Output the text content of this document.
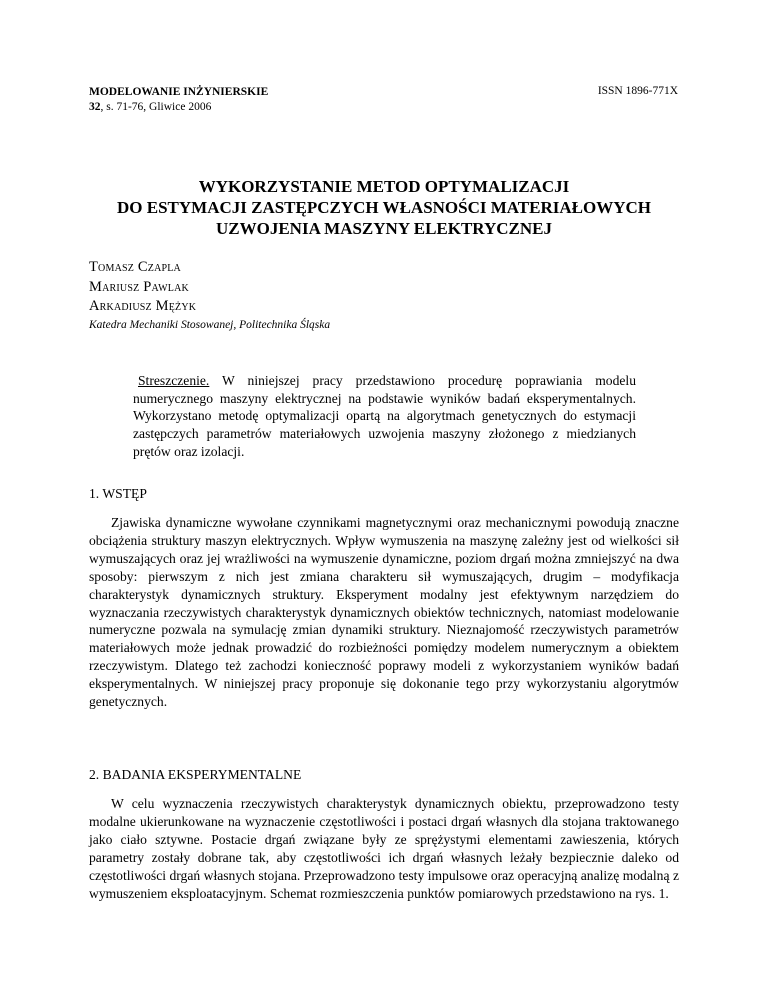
MODELOWANIE INŻYNIERSKIE
32, s. 71-76, Gliwice 2006
ISSN 1896-771X
WYKORZYSTANIE METOD OPTYMALIZACJI
DO ESTYMACJI ZASTĘPCZYCH WŁASNOŚCI MATERIAŁOWYCH
UZWOJENIA MASZYNY ELEKTRYCZNEJ
Tomasz Czapla
Mariusz Pawlak
Arkadiusz Mężyk
Katedra Mechaniki Stosowanej, Politechnika Śląska
Streszczenie. W niniejszej pracy przedstawiono procedurę poprawiania modelu numerycznego maszyny elektrycznej na podstawie wyników badań eksperymentalnych. Wykorzystano metodę optymalizacji opartą na algorytmach genetycznych do estymacji zastępczych parametrów materiałowych uzwojenia maszyny złożonego z miedzianych prętów oraz izolacji.
1. WSTĘP
Zjawiska dynamiczne wywołane czynnikami magnetycznymi oraz mechanicznymi powodują znaczne obciążenia struktury maszyn elektrycznych. Wpływ wymuszenia na maszynę zależny jest od wielkości sił wymuszających oraz jej wrażliwości na wymuszenie dynamiczne, poziom drgań można zmniejszyć na dwa sposoby: pierwszym z nich jest zmiana charakteru sił wymuszających, drugim – modyfikacja charakterystyk dynamicznych struktury. Eksperyment modalny jest efektywnym narzędziem do wyznaczania rzeczywistych charakterystyk dynamicznych obiektów technicznych, natomiast modelowanie numeryczne pozwala na symulację zmian dynamiki struktury. Nieznajomość rzeczywistych parametrów materiałowych może jednak prowadzić do rozbieżności pomiędzy modelem numerycznym a obiektem rzeczywistym. Dlatego też zachodzi konieczność poprawy modeli z wykorzystaniem wyników badań eksperymentalnych. W niniejszej pracy proponuje się dokonanie tego przy wykorzystaniu algorytmów genetycznych.
2. BADANIA EKSPERYMENTALNE
W celu wyznaczenia rzeczywistych charakterystyk dynamicznych obiektu, przeprowadzono testy modalne ukierunkowane na wyznaczenie częstotliwości i postaci drgań własnych dla stojana traktowanego jako ciało sztywne. Postacie drgań związane były ze sprężystymi elementami zawieszenia, których parametry zostały dobrane tak, aby częstotliwości ich drgań własnych leżały bezpiecznie daleko od częstotliwości drgań własnych stojana. Przeprowadzono testy impulsowe oraz operacyjną analizę modalną z wymuszeniem eksploatacyjnym. Schemat rozmieszczenia punktów pomiarowych przedstawiono na rys. 1.
